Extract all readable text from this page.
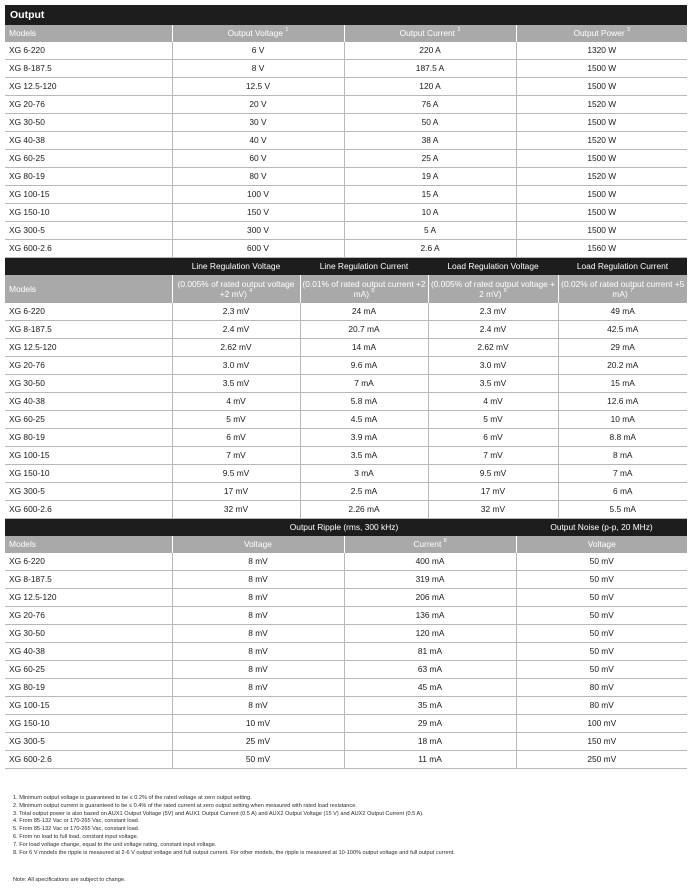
Output			
Models	Output Voltage $^1$	Output Current $^2$	Output Power $^3$
XG 6-220	6 V	220 A	1320 W
XG 8-187.5	8 V	187.5 A	1500 W
XG 12.5-120	12.5 V	120 A	1500 W
XG 20-76	20 V	76 A	1520 W
XG 30-50	30 V	50 A	1500 W
XG 40-38	40 V	38 A	1520 W
XG 60-25	60 V	25 A	1500 W
XG 80-19	80 V	19 A	1520 W
XG 100-15	100 V	15 A	1500 W
XG 150-10	150 V	10 A	1500 W
XG 300-5	300 V	5 A	1500 W
XG 600-2.6	600 V	2.6 A	1560 W
	Line Regulation Voltage	Line Regulation Current	Load Regulation Voltage	Load Regulation Current
Models	(0.005% of rated output voltage +2 mV) $^4$	(0.01% of rated output current +2 mA) $^5$	(0.005% of rated output voltage + 2 mV) $^6$	(0.02% of rated output current +5 mA) $^7$
XG 6-220	2.3 mV	24 mA	2.3 mV	49 mA
XG 8-187.5	2.4 mV	20.7 mA	2.4 mV	42.5 mA
XG 12.5-120	2.62 mV	14 mA	2.62 mV	29 mA
XG 20-76	3.0 mV	9.6 mA	3.0 mV	20.2 mA
XG 30-50	3.5 mV	7 mA	3.5 mV	15 mA
XG 40-38	4 mV	5.8 mA	4 mV	12.6 mA
XG 60-25	5 mV	4.5 mA	5 mV	10 mA
XG 80-19	6 mV	3.9 mA	6 mV	8.8 mA
XG 100-15	7 mV	3.5 mA	7 mV	8 mA
XG 150-10	9.5 mV	3 mA	9.5 mV	7 mA
XG 300-5	17 mV	2.5 mA	17 mV	6 mA
XG 600-2.6	32 mV	2.26 mA	32 mV	5.5 mA
	Output Ripple (rms, 300 kHz)		Output Noise (p-p, 20 MHz)
Models	Voltage	Current $^8$	Voltage
XG 6-220	8 mV	400 mA	50 mV
XG 8-187.5	8 mV	319 mA	50 mV
XG 12.5-120	8 mV	206 mA	50 mV
XG 20-76	8 mV	136 mA	50 mV
XG 30-50	8 mV	120 mA	50 mV
XG 40-38	8 mV	81 mA	50 mV
XG 60-25	8 mV	63 mA	50 mV
XG 80-19	8 mV	45 mA	80 mV
XG 100-15	8 mV	35 mA	80 mV
XG 150-10	10 mV	29 mA	100 mV
XG 300-5	25 mV	18 mA	150 mV
XG 600-2.6	50 mV	11 mA	250 mV
1. Minimum output voltage is guaranteed to be ≤ 0.2% of the rated voltage at zero output setting.
2. Minimum output current is guaranteed to be ≤ 0.4% of the rated current at zero output setting when measured with rated load resistance.
3. Total output power is also based on AUX1 Output Voltage (5V) and AUX1 Output Current (0.5 A) and AUX2 Output Voltage (15 V) and AUX2 Output Current (0.5 A).
4. From 85-132 Vac or 170-265 Vac, constant load.
5. From 85-132 Vac or 170-265 Vac, constant load.
6. From no load to full load, constant input voltage.
7. For load voltage change, equal to the unit voltage rating, constant input voltage.
8. For 6 V models the ripple is measured at 2-6 V output voltage and full output current. For other models, the ripple is measured at 10-100% output voltage and full output current.
Note: All specifications are subject to change.
